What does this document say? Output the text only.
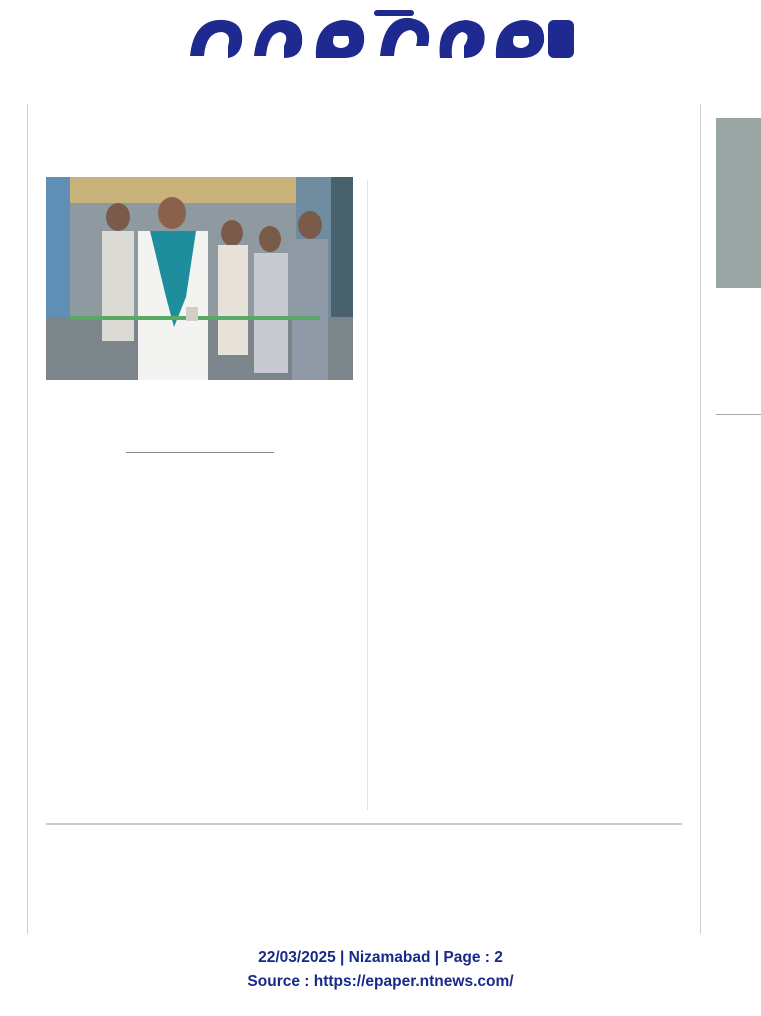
22/03/2025 | Nizamabad | Page : 2
Source : https://epaper.ntnews.com/
